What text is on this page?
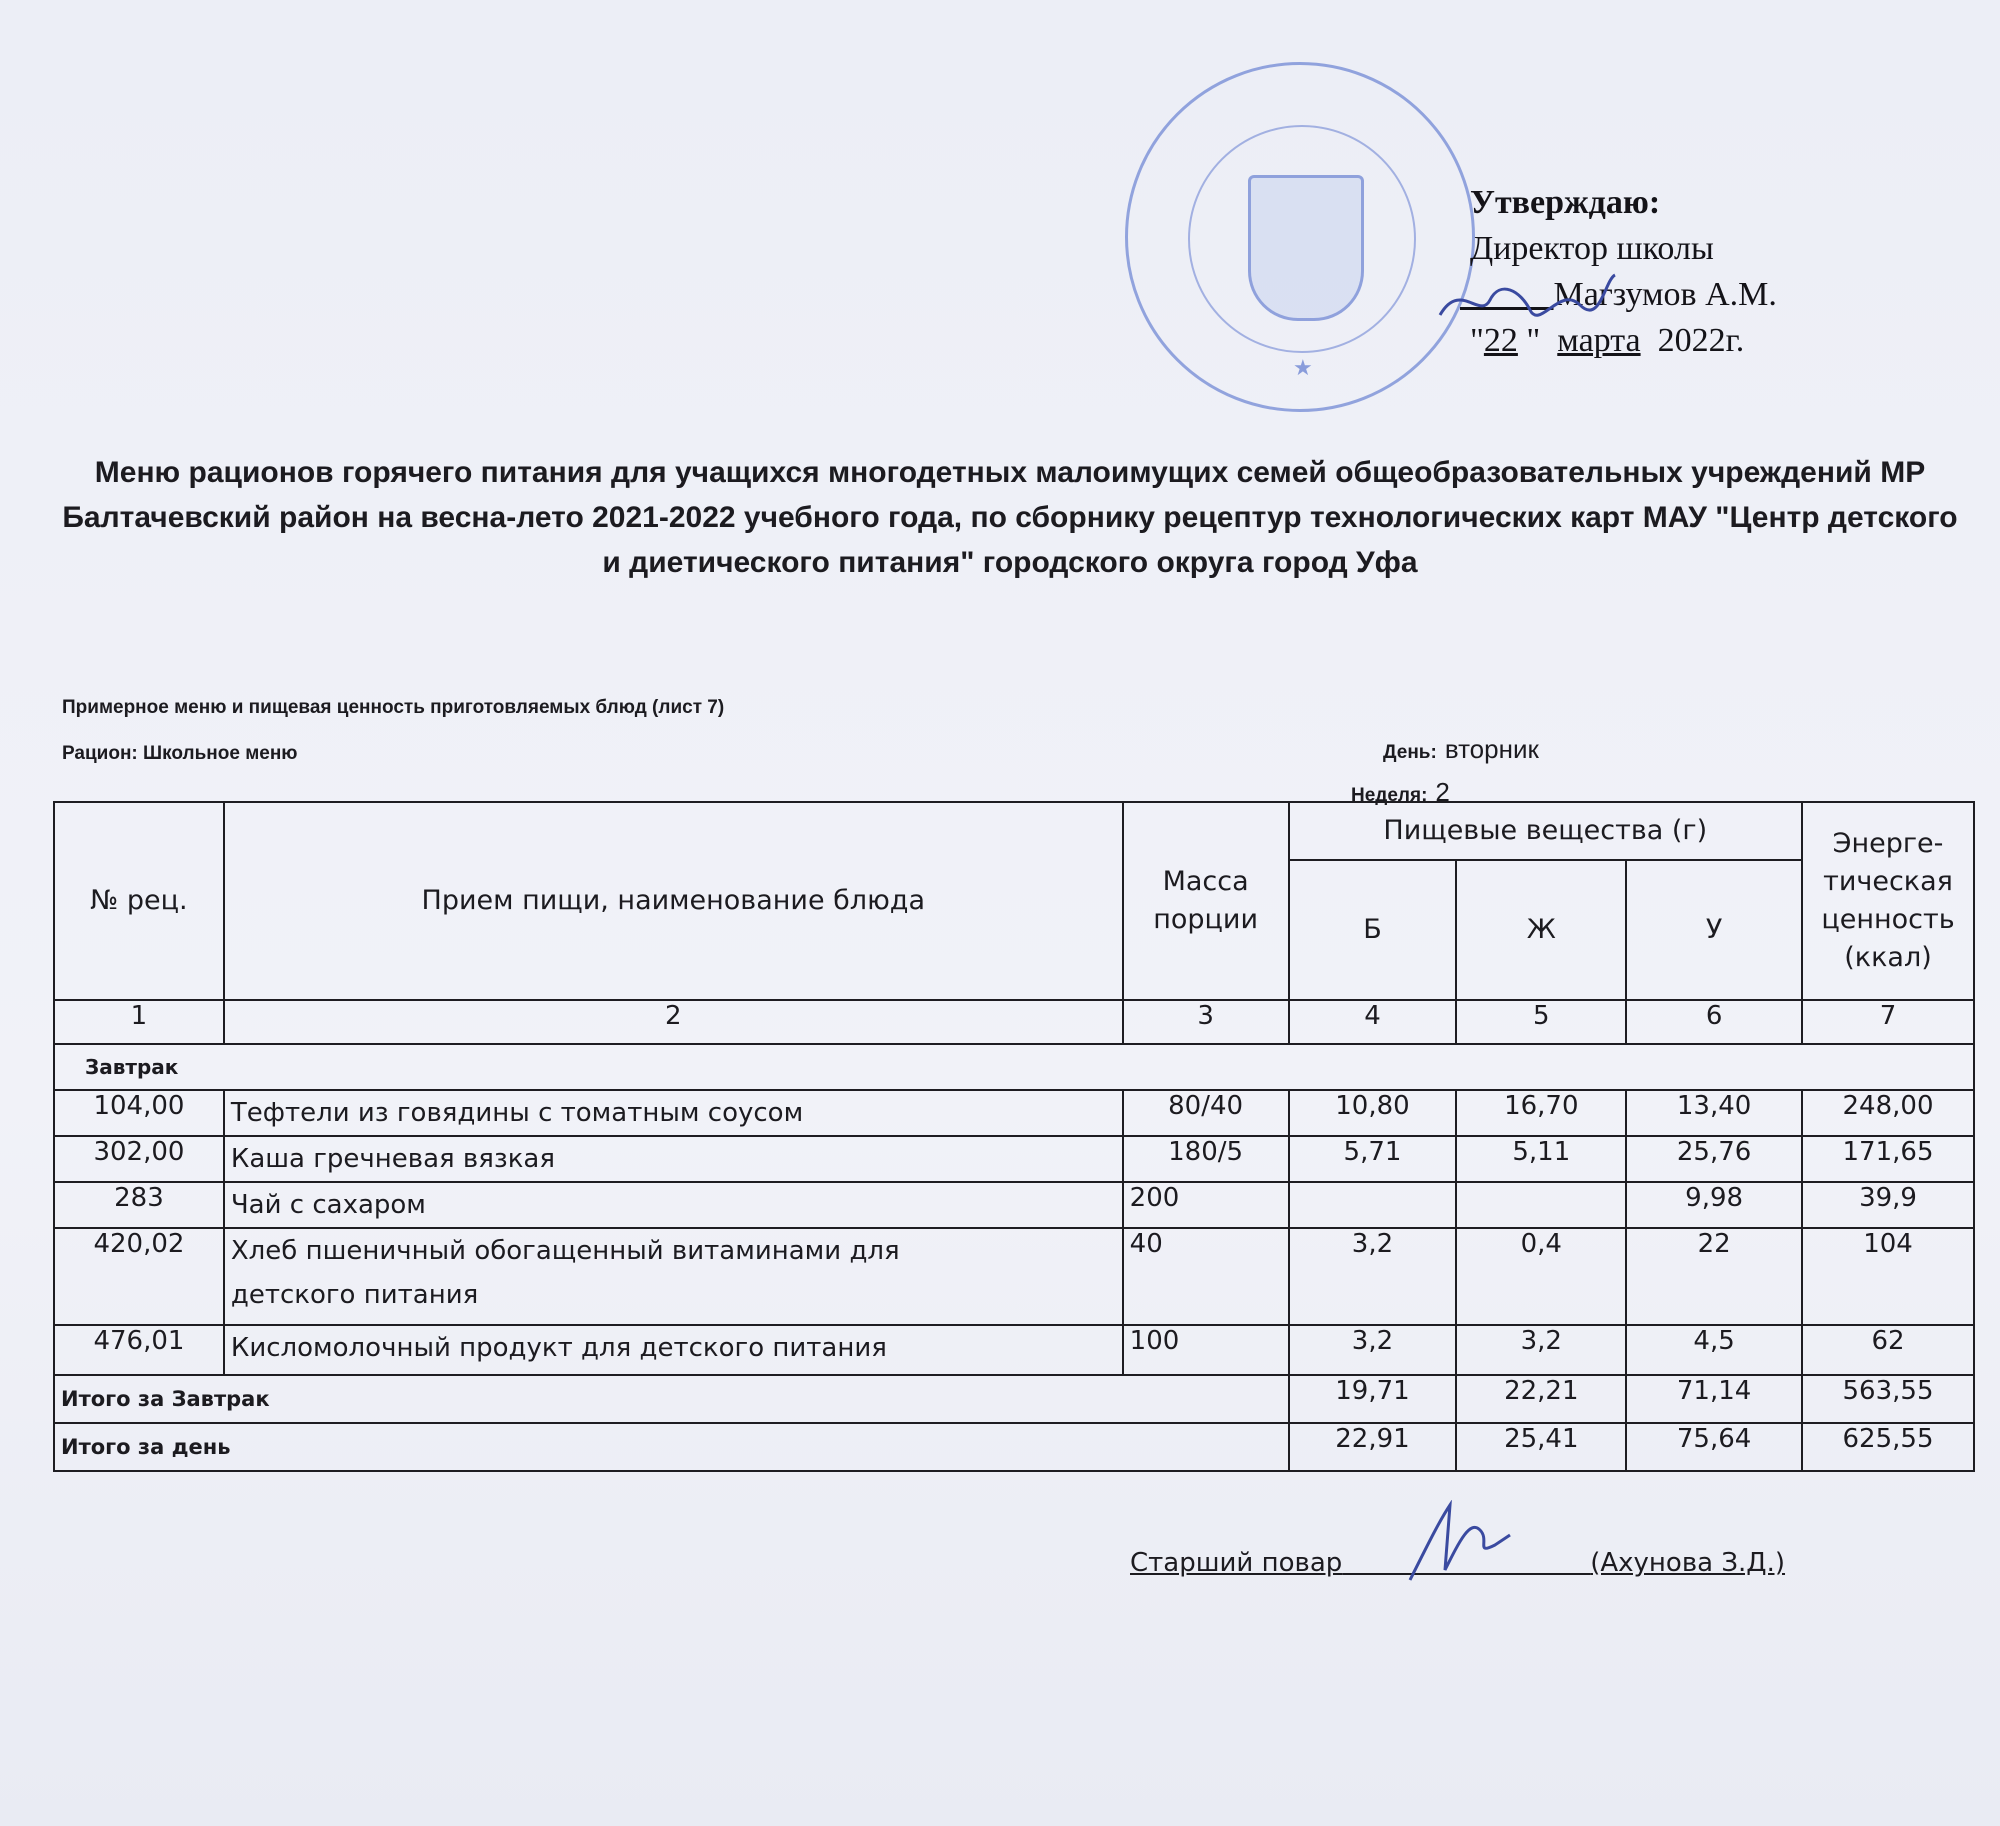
★
Утверждаю:
Директор школы
Магзумов А.М.
"22 "  марта 2022г.
Меню рационов горячего питания для учащихся многодетных малоимущих семей общеобразовательных учреждений МР Балтачевский район на весна-лето 2021-2022 учебного года, по сборнику рецептур технологических карт МАУ "Центр детского и диетического питания" городского округа город Уфа
Примерное меню и пищевая ценность приготовляемых блюд (лист 7)
Рацион: Школьное меню	День: вторник
Неделя: 2
№ рец.	Прием пищи, наименование блюда	Масса порции	Пищевые вещества (г)			Энерге-тическая ценность (ккал)
			Б	Ж	У	
1	2	3	4	5	6	7
Завтрак						
104,00	Тефтели из говядины с томатным соусом	80/40	10,80	16,70	13,40	248,00
302,00	Каша гречневая вязкая	180/5	5,71	5,11	25,76	171,65
283	Чай с сахаром	200			9,98	39,9
420,02	Хлеб пшеничный обогащенный витаминами для детского питания	40	3,2	0,4	22	104
476,01	Кисломолочный продукт для детского питания	100	3,2	3,2	4,5	62
Итого за Завтрак			19,71	22,21	71,14	563,55
Итого за день			22,91	25,41	75,64	625,55
Старший повар	(Ахунова З.Д.)
